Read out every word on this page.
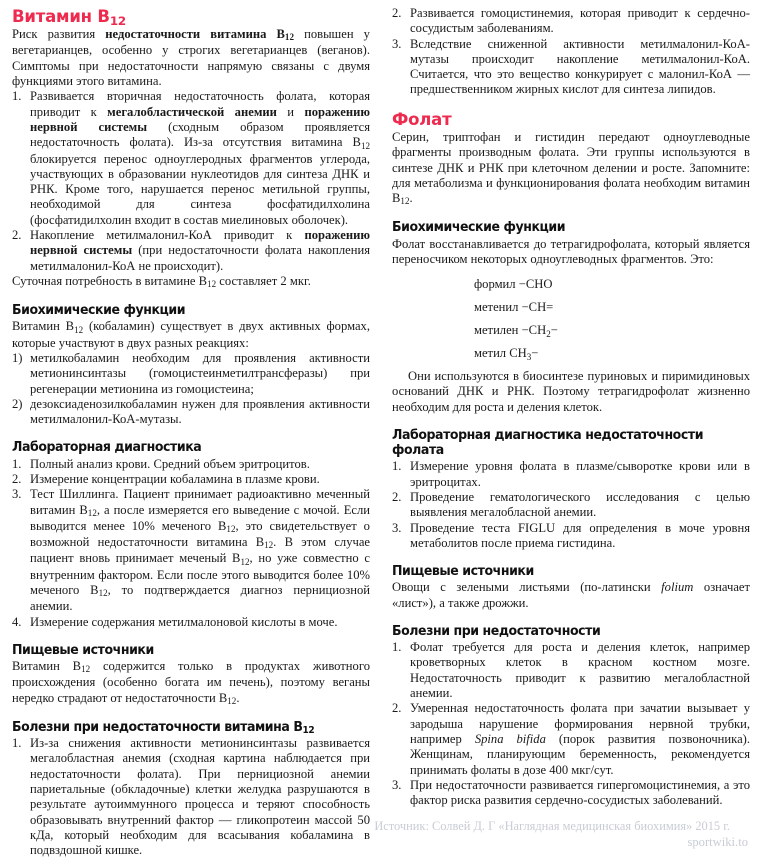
Витамин $B_{12}$

Риск развития недостаточности витамина $B_{12}$ повышен у вегетарианцев, особенно у строгих вегетарианцев (веганов). Симптомы при недостаточности напрямую связаны с двумя функциями этого витамина.

1. Развивается вторичная недостаточность фолата, которая приводит к мегалобластической анемии и поражению нервной системы (сходным образом проявляется недостаточность фолата). Из-за отсутствия витамина $B_{12}$ блокируется перенос одноуглеродных фрагментов углерода, участвующих в образовании нуклеотидов для синтеза ДНК и РНК. Кроме того, нарушается перенос метильной группы, необходимой для синтеза фосфатидилхолина (фосфатидилхолин входит в состав миелиновых оболочек).
2. Накопление метилмалонил-КоА приводит к поражению нервной системы (при недостаточности фолата накопления метилмалонил-КоА не происходит).

Суточная потребность в витамине $B_{12}$ составляет 2 мкг.

Биохимические функции

Витамин $B_{12}$ (кобаламин) существует в двух активных формах, которые участвуют в двух разных реакциях:

1) метилкобаламин необходим для проявления активности метионинсинтазы (гомоцистеинметилтрансферазы) при регенерации метионина из гомоцистеина;
2) дезоксиаденозилкобаламин нужен для проявления активности метилмалонил-КоА-мутазы.
Лабораторная диагностика
1. Полный анализ крови. Средний объем эритроцитов.
2. Измерение концентрации кобаламина в плазме крови.
3. Тест Шиллинга. Пациент принимает радиоактивно меченный витамин $B_{12}$, а после измеряется его выведение с мочой. Если выводится менее 10% меченого $B_{12}$, это свидетельствует о возможной недостаточности витамина $B_{12}$. В этом случае пациент вновь принимает меченый $B_{12}$, но уже совместно с внутренним фактором. Если после этого выводится более 10% меченого $B_{12}$, то подтверждается диагноз пернициозной анемии.
4. Измерение содержания метилмалоновой кислоты в моче.
Пищевые источники

Витамин $B_{12}$ содержится только в продуктах животного происхождения (особенно богата им печень), поэтому веганы нередко страдают от недостаточности $B_{12}$.

Болезни при недостаточности витамина $B_{12}$
1. Из-за снижения активности метионинсинтазы развивается мегалобластная анемия (сходная картина наблюдается при недостаточности фолата). При пернициозной анемии париетальные (обкладочные) клетки желудка разрушаются в результате аутоиммунного процесса и теряют способность образовывать внутренний фактор — гликопротеин массой 50 кДа, который необходим для всасывания кобаламина в подвздошной кишке.
2. Развивается гомоцистинемия, которая приводит к сердечно-сосудистым заболеваниям.
3. Вследствие сниженной активности метилмалонил-КоА-мутазы происходит накопление метилмалонил-КоА. Считается, что это вещество конкурирует с малонил-КоА — предшественником жирных кислот для синтеза липидов.
Фолат

Серин, триптофан и гистидин передают одноуглеводные фрагменты производным фолата. Эти группы используются в синтезе ДНК и РНК при клеточном делении и росте. Запомните: для метаболизма и функционирования фолата необходим витамин $B_{12}$.

Биохимические функции

Фолат восстанавливается до тетрагидрофолата, который является переносчиком некоторых одноуглеводных фрагментов. Это:

формил −CHO
метенил −CH=
метилен $-CH_2-$
метил $CH_3-$

Они используются в биосинтезе пуриновых и пиримидиновых оснований ДНК и РНК. Поэтому тетрагидрофолат жизненно необходим для роста и деления клеток.

Лабораторная диагностика недостаточности фолата
1. Измерение уровня фолата в плазме/сыворотке крови или в эритроцитах.
2. Проведение гематологического исследования с целью выявления мегалобласной анемии.
3. Проведение теста FIGLU для определения в моче уровня метаболитов после приема гистидина.
Пищевые источники

Овощи с зелеными листьями (по-латински folium означает «лист»), а также дрожжи.

Болезни при недостаточности
1. Фолат требуется для роста и деления клеток, например кроветворных клеток в красном костном мозге. Недостаточность приводит к развитию мегалобластной анемии.
2. Умеренная недостаточность фолата при зачатии вызывает у зародыша нарушение формирования нервной трубки, например Spina bifida (порок развития позвоночника). Женщинам, планирующим беременность, рекомендуется принимать фолаты в дозе 400 мкг/сут.
3. При недостаточности развивается гипергомоцистинемия, а это фактор риска развития сердечно-сосудистых заболеваний.
Источник: Солвей Д. Г «Наглядная медицинская биохимия» 2015 г.
sportwiki.to
